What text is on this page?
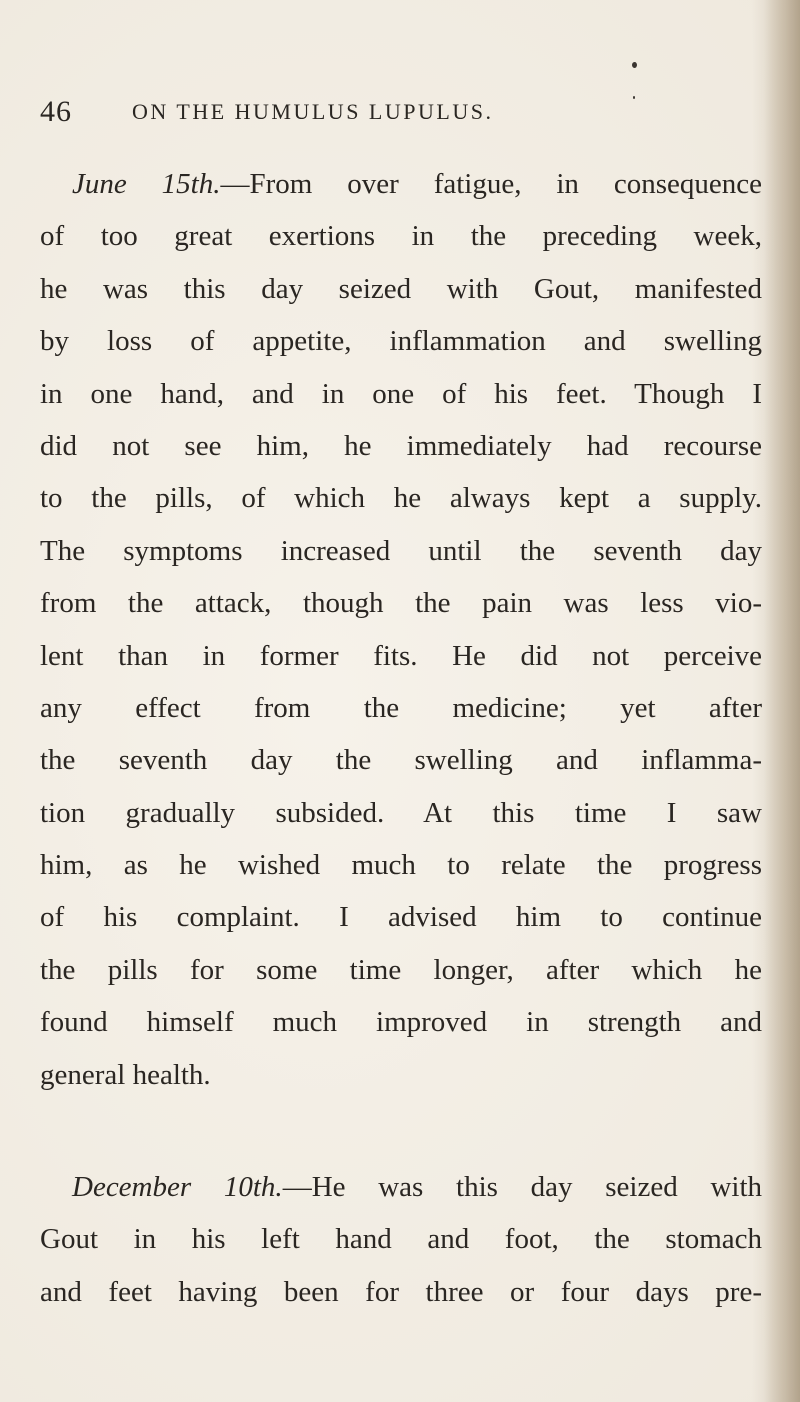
46	ON THE HUMULUS LUPULUS.
June 15th.—From over fatigue, in consequence
of too great exertions in the preceding week,
he was this day seized with Gout, manifested
by loss of appetite, inflammation and swelling
in one hand, and in one of his feet. Though I
did not see him, he immediately had recourse
to the pills, of which he always kept a supply.
The symptoms increased until the seventh day
from the attack, though the pain was less vio-
lent than in former fits. He did not perceive
any effect from the medicine; yet after
the seventh day the swelling and inflamma-
tion gradually subsided. At this time I saw
him, as he wished much to relate the progress
of his complaint. I advised him to continue
the pills for some time longer, after which he
found himself much improved in strength and
general health.
December 10th.—He was this day seized with
Gout in his left hand and foot, the stomach
and feet having been for three or four days pre-
